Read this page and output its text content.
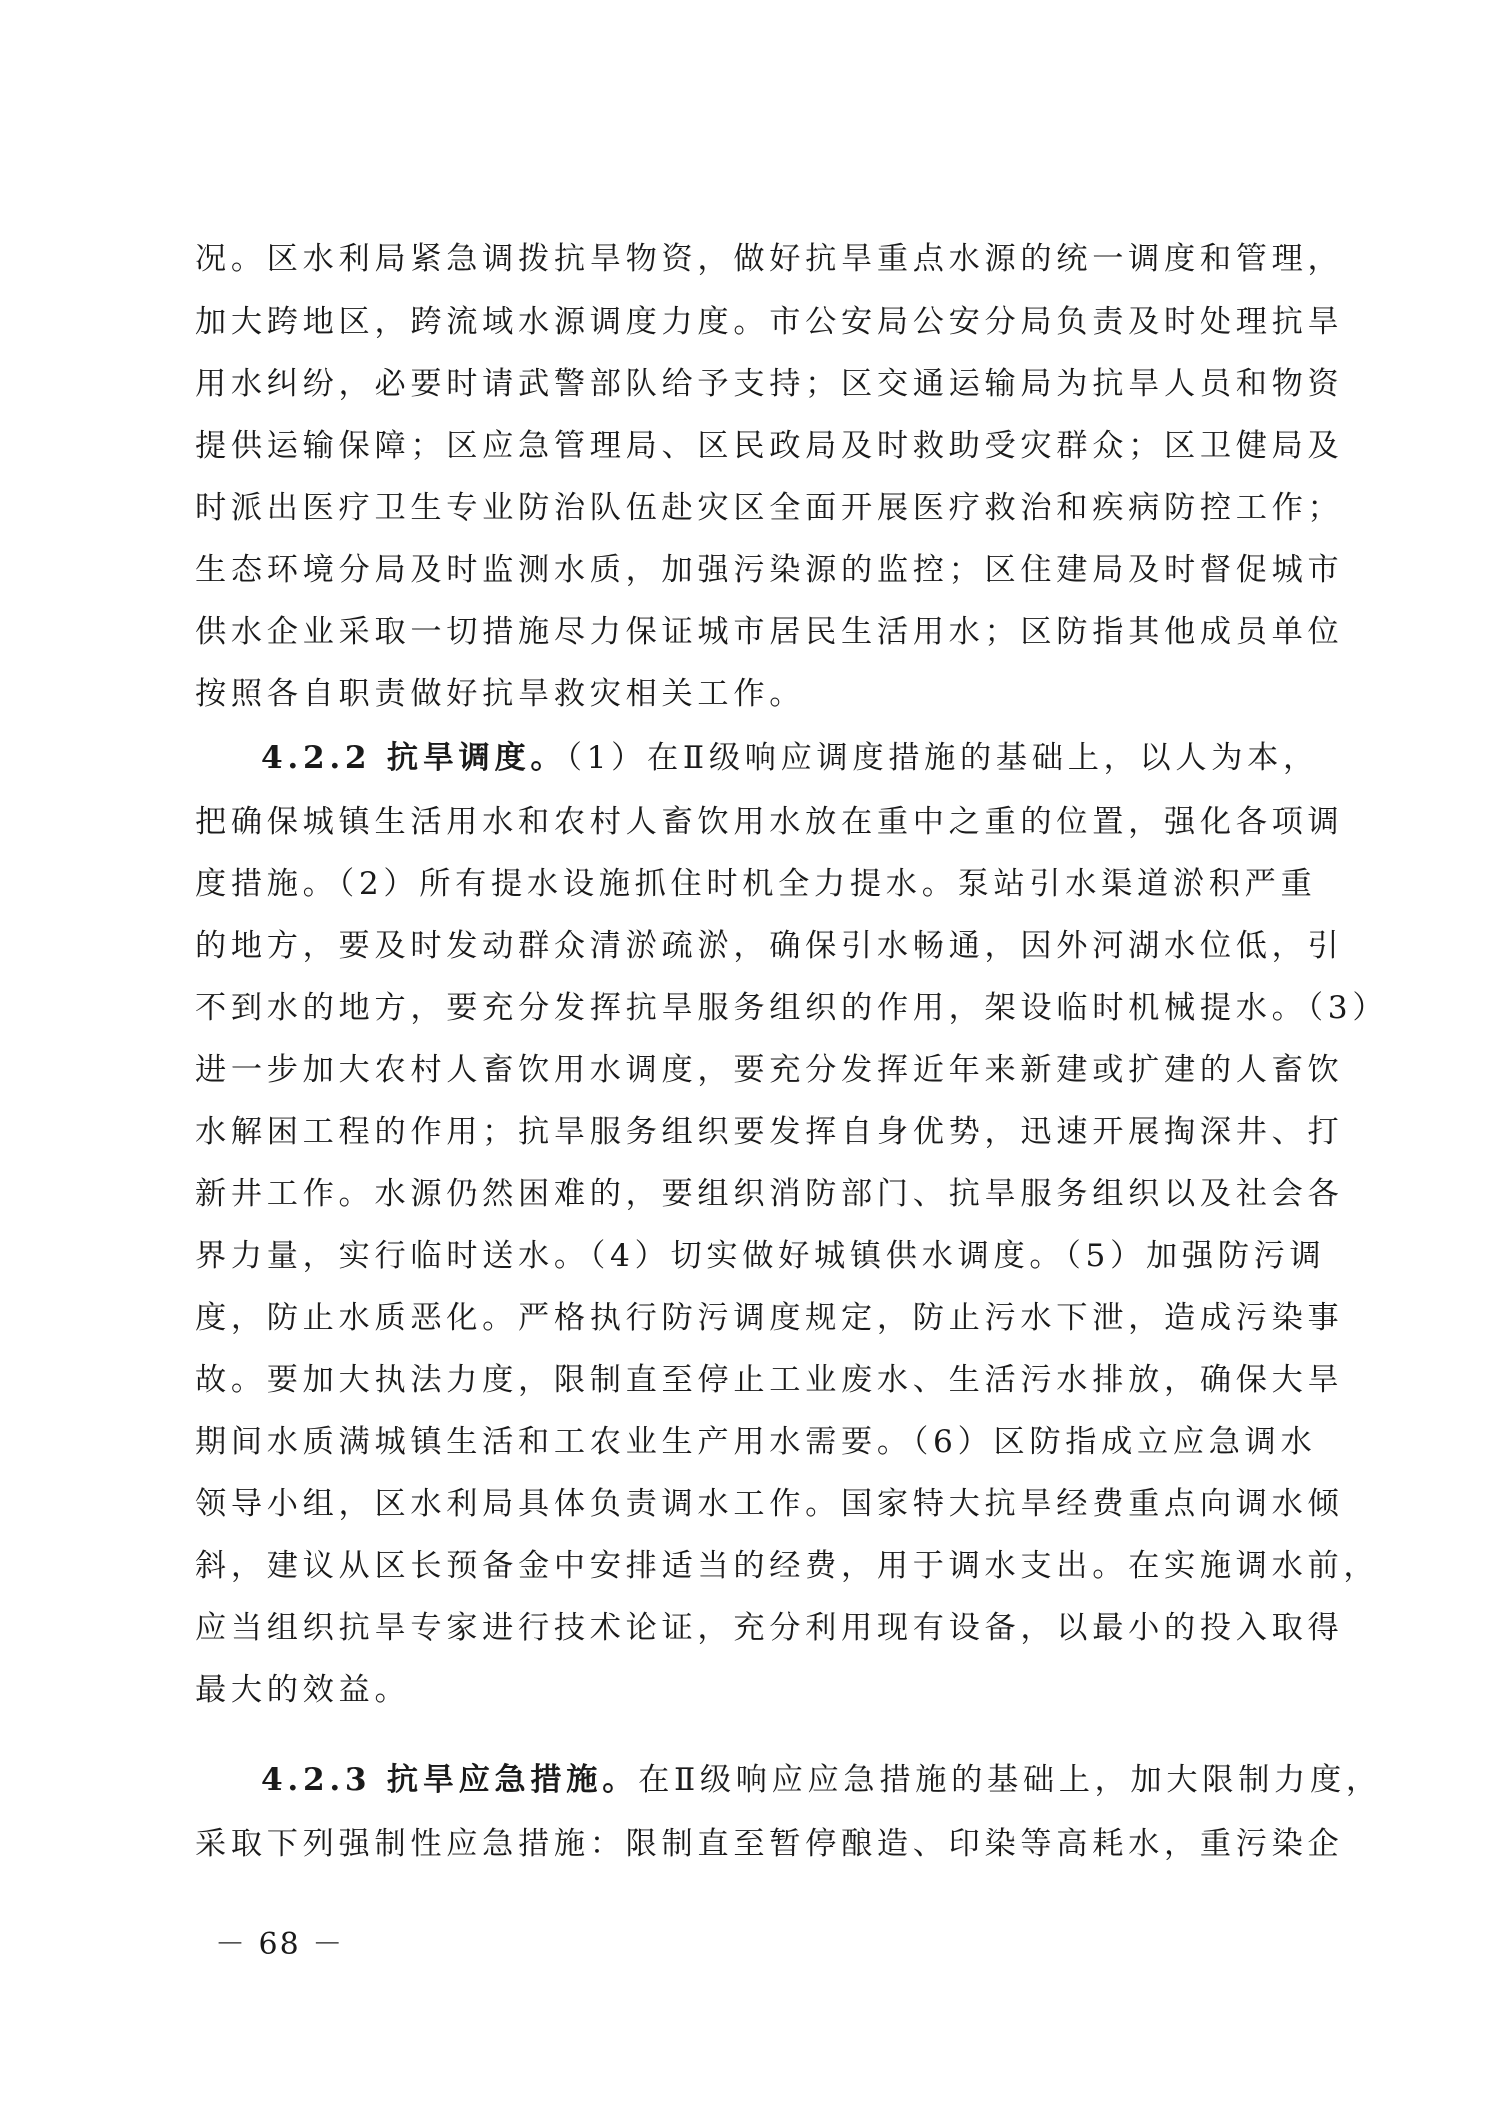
况。区水利局紧急调拨抗旱物资，做好抗旱重点水源的统一调度和管理，
加大跨地区，跨流域水源调度力度。市公安局公安分局负责及时处理抗旱
用水纠纷，必要时请武警部队给予支持；区交通运输局为抗旱人员和物资
提供运输保障；区应急管理局、区民政局及时救助受灾群众；区卫健局及
时派出医疗卫生专业防治队伍赴灾区全面开展医疗救治和疾病防控工作；
生态环境分局及时监测水质，加强污染源的监控；区住建局及时督促城市
供水企业采取一切措施尽力保证城市居民生活用水；区防指其他成员单位
按照各自职责做好抗旱救灾相关工作。
4.2.2 抗旱调度。（1）在Ⅱ级响应调度措施的基础上，以人为本，
把确保城镇生活用水和农村人畜饮用水放在重中之重的位置，强化各项调
度措施。（2）所有提水设施抓住时机全力提水。泵站引水渠道淤积严重
的地方，要及时发动群众清淤疏淤，确保引水畅通，因外河湖水位低，引
不到水的地方，要充分发挥抗旱服务组织的作用，架设临时机械提水。（3）
进一步加大农村人畜饮用水调度，要充分发挥近年来新建或扩建的人畜饮
水解困工程的作用；抗旱服务组织要发挥自身优势，迅速开展掏深井、打
新井工作。水源仍然困难的，要组织消防部门、抗旱服务组织以及社会各
界力量，实行临时送水。（4）切实做好城镇供水调度。（5）加强防污调
度，防止水质恶化。严格执行防污调度规定，防止污水下泄，造成污染事
故。要加大执法力度，限制直至停止工业废水、生活污水排放，确保大旱
期间水质满城镇生活和工农业生产用水需要。（6）区防指成立应急调水
领导小组，区水利局具体负责调水工作。国家特大抗旱经费重点向调水倾
斜，建议从区长预备金中安排适当的经费，用于调水支出。在实施调水前，
应当组织抗旱专家进行技术论证，充分利用现有设备，以最小的投入取得
最大的效益。
4.2.3 抗旱应急措施。在Ⅱ级响应应急措施的基础上，加大限制力度，
采取下列强制性应急措施：限制直至暂停酿造、印染等高耗水，重污染企
－ 68 －
